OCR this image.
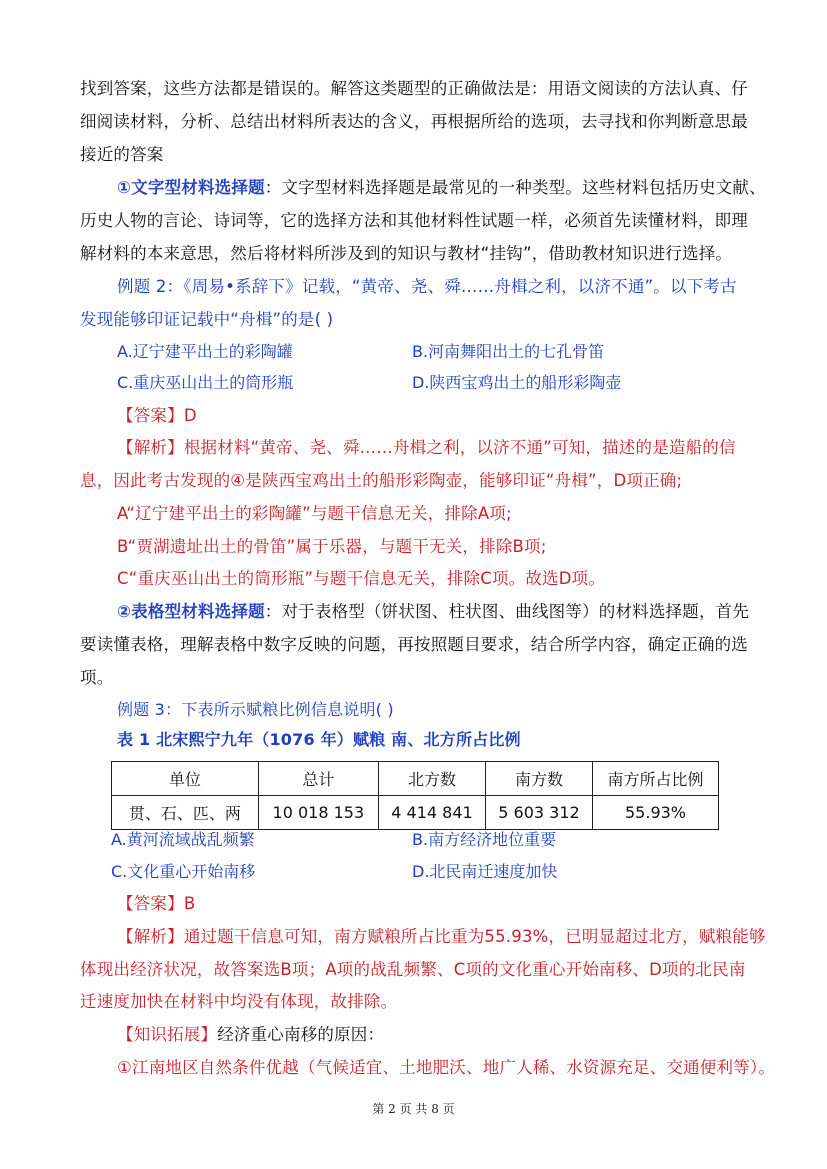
找到答案，这些方法都是错误的。解答这类题型的正确做法是：用语文阅读的方法认真、仔
细阅读材料，分析、总结出材料所表达的含义，再根据所给的选项，去寻找和你判断意思最
接近的答案
①文字型材料选择题：文字型材料选择题是最常见的一种类型。这些材料包括历史文献、
历史人物的言论、诗词等，它的选择方法和其他材料性试题一样，必须首先读懂材料，即理
解材料的本来意思，然后将材料所涉及到的知识与教材“挂钩”，借助教材知识进行选择。
例题 2：《周易•系辞下》记载，“黄帝、尧、舜……舟楫之利，以济不通”。以下考古
发现能够印证记载中“舟楫”的是( )
A.辽宁建平出土的彩陶罐	B.河南舞阳出土的七孔骨笛
C.重庆巫山出土的筒形瓶	D.陕西宝鸡出土的船形彩陶壶
【答案】D
【解析】根据材料“黄帝、尧、舜……舟楫之利，以济不通”可知，描述的是造船的信
息，因此考古发现的④是陕西宝鸡出土的船形彩陶壶，能够印证“舟楫”，D项正确;
A“辽宁建平出土的彩陶罐”与题干信息无关，排除A项;
B“贾湖遗址出土的骨笛”属于乐器，与题干无关，排除B项;
C“重庆巫山出土的筒形瓶”与题干信息无关，排除C项。故选D项。
②表格型材料选择题：对于表格型（饼状图、柱状图、曲线图等）的材料选择题，首先
要读懂表格，理解表格中数字反映的问题，再按照题目要求，结合所学内容，确定正确的选
项。
例题 3：下表所示赋粮比例信息说明( )
表 1 北宋熙宁九年（1076 年）赋粮 南、北方所占比例
单位	总计	北方数	南方数	南方所占比例
贯、石、匹、两	10 018 153	4 414 841	5 603 312	55.93%
A.黄河流域战乱频繁	B.南方经济地位重要
C.文化重心开始南移	D.北民南迁速度加快
【答案】B
【解析】通过题干信息可知，南方赋粮所占比重为55.93%，已明显超过北方，赋粮能够
体现出经济状况，故答案选B项；A项的战乱频繁、C项的文化重心开始南移、D项的北民南
迁速度加快在材料中均没有体现，故排除。
【知识拓展】经济重心南移的原因：
①江南地区自然条件优越（气候适宜、土地肥沃、地广人稀、水资源充足、交通便利等）。
第 2 页 共 8 页
